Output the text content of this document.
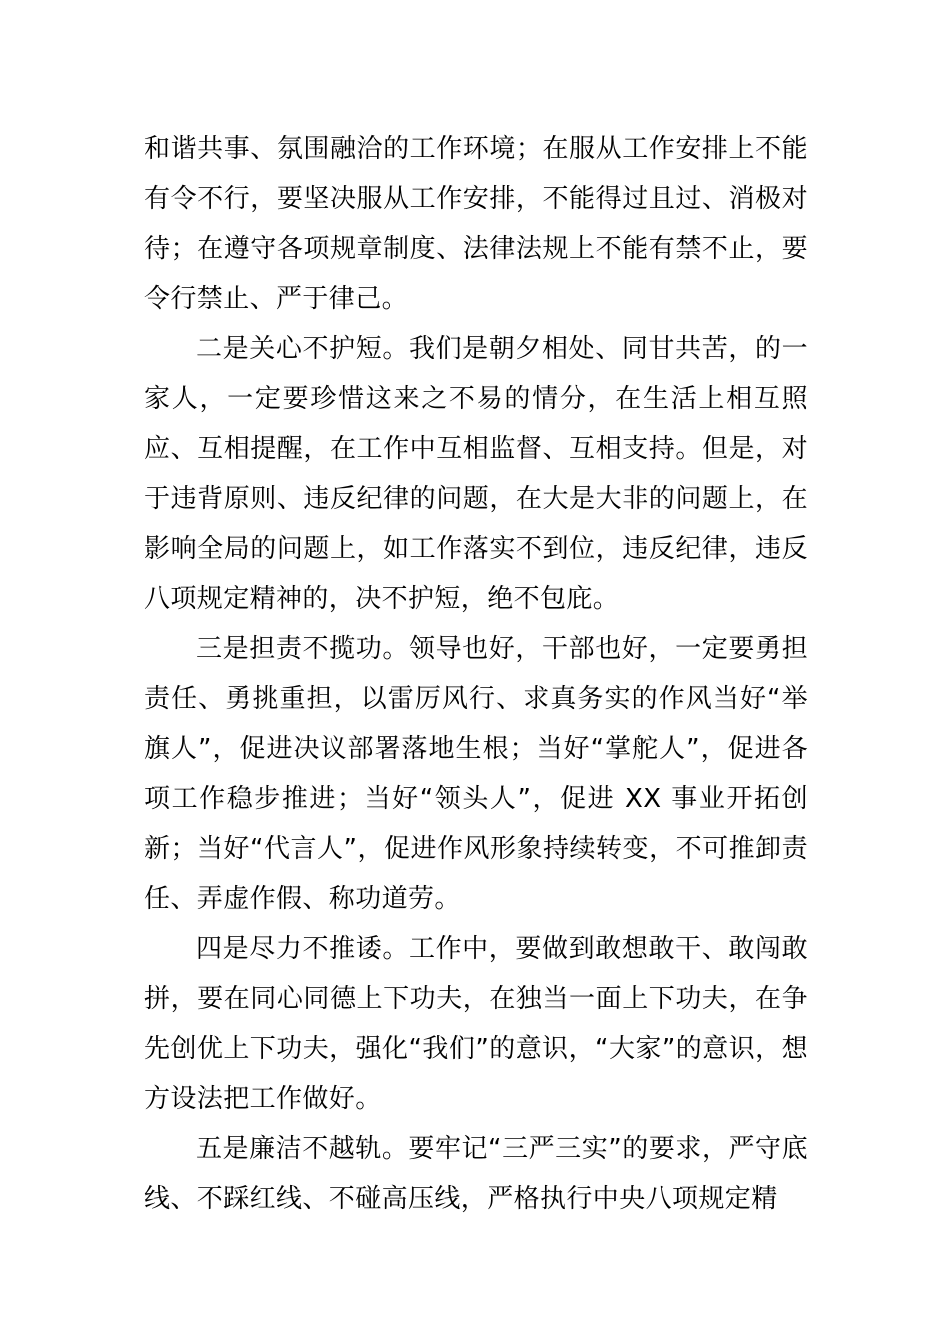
和谐共事、氛围融洽的工作环境；在服从工作安排上不能有令不行，要坚决服从工作安排，不能得过且过、消极对待；在遵守各项规章制度、法律法规上不能有禁不止，要令行禁止、严于律己。

二是关心不护短。我们是朝夕相处、同甘共苦，的一家人，一定要珍惜这来之不易的情分，在生活上相互照应、互相提醒，在工作中互相监督、互相支持。但是，对于违背原则、违反纪律的问题，在大是大非的问题上，在影响全局的问题上，如工作落实不到位，违反纪律，违反八项规定精神的，决不护短，绝不包庇。

三是担责不揽功。领导也好，干部也好，一定要勇担责任、勇挑重担，以雷厉风行、求真务实的作风当好“举旗人”，促进决议部署落地生根；当好“掌舵人”，促进各项工作稳步推进；当好“领头人”，促进 XX 事业开拓创新；当好“代言人”，促进作风形象持续转变，不可推卸责任、弄虚作假、称功道劳。

四是尽力不推诿。工作中，要做到敢想敢干、敢闯敢拼，要在同心同德上下功夫，在独当一面上下功夫，在争先创优上下功夫，强化“我们”的意识，“大家”的意识，想方设法把工作做好。

五是廉洁不越轨。要牢记“三严三实”的要求，严守底线、不踩红线、不碰高压线，严格执行中央八项规定精
